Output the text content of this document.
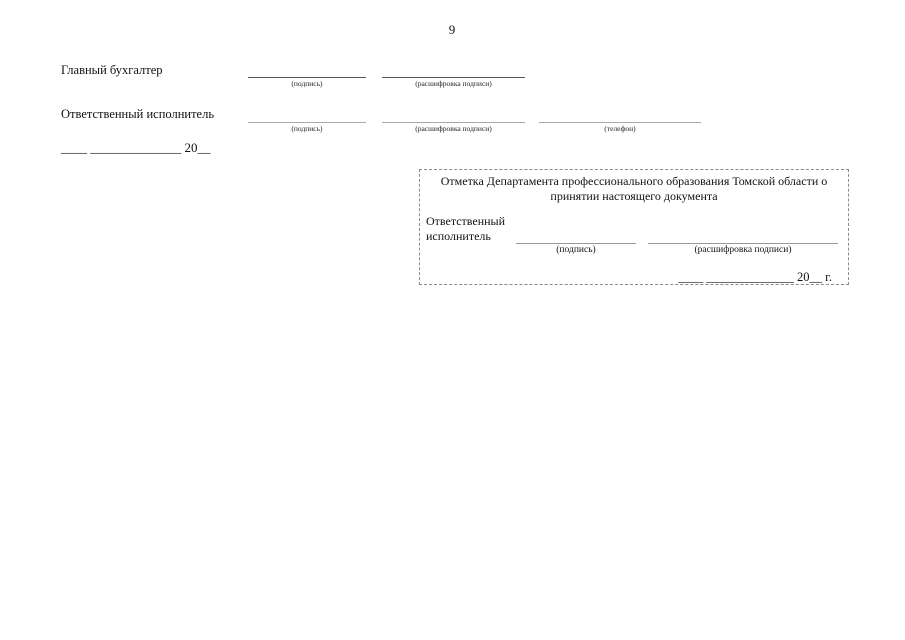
9
Главный бухгалтер
(подпись)	(расшифровка подписи)
Ответственный исполнитель
(подпись)	(расшифровка подписи)	(телефон)
____ ______________ 20__
Отметка Департамента профессионального образования Томской области о
принятии настоящего документа
Ответственный
исполнитель
(подпись)	(расшифровка подписи)
____ ______________ 20__ г.
